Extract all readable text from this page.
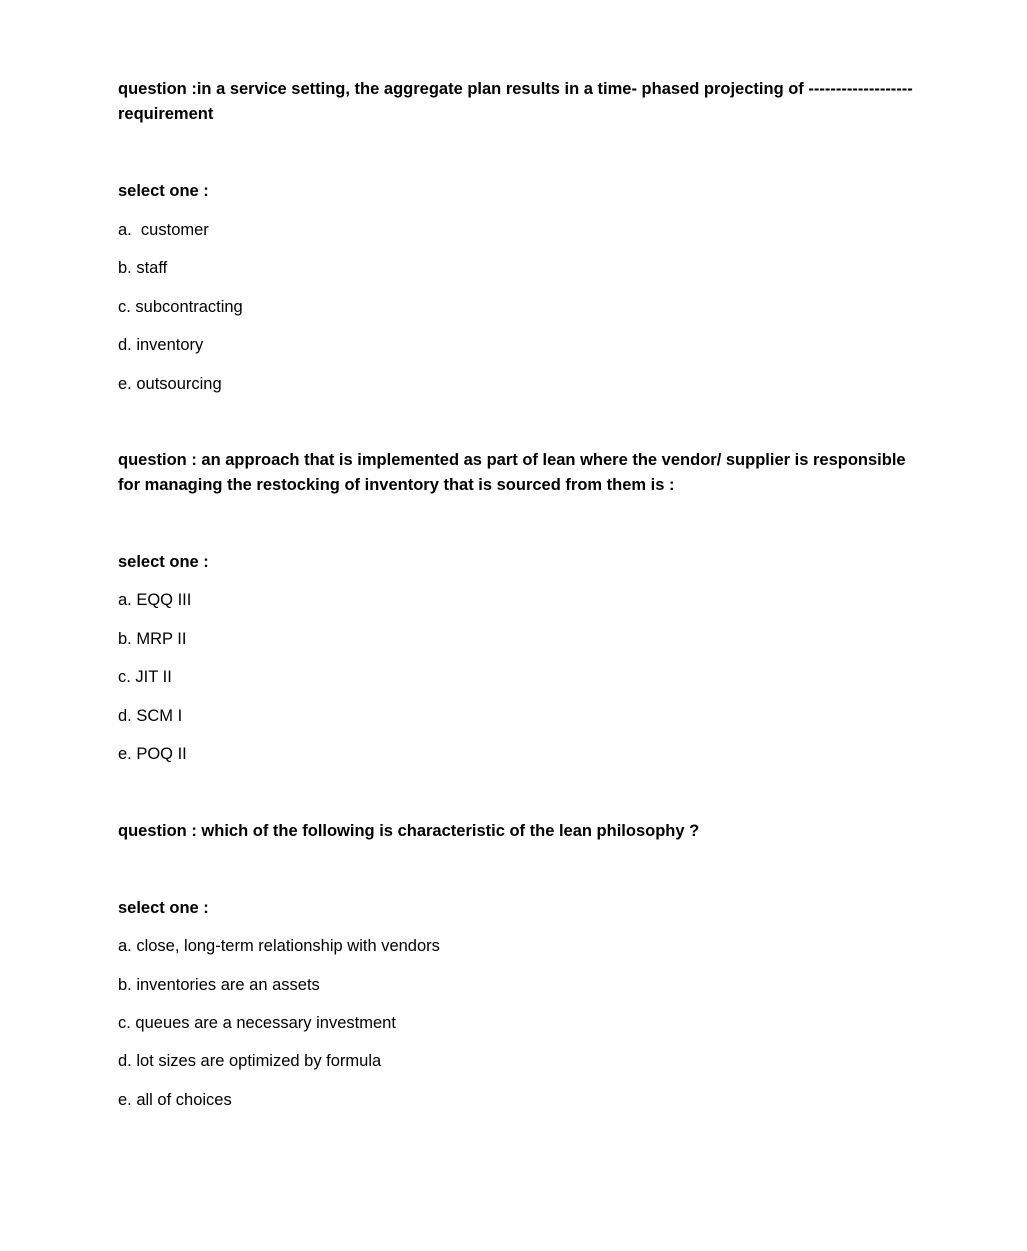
question :in a service setting, the aggregate plan results in a time- phased projecting of ------------------- requirement

select one :

a.  customer

b. staff

c. subcontracting

d. inventory

e. outsourcing

question : an approach that is implemented as part of lean where the vendor/ supplier is responsible for managing the restocking of inventory that is sourced from them is :

select one :

a. EQQ III

b. MRP II

c. JIT II

d. SCM I

e. POQ II

question : which of the following is characteristic of the lean philosophy ?

select one :

a. close, long-term relationship with vendors

b. inventories are an assets

c. queues are a necessary investment

d. lot sizes are optimized by formula

e. all of choices
